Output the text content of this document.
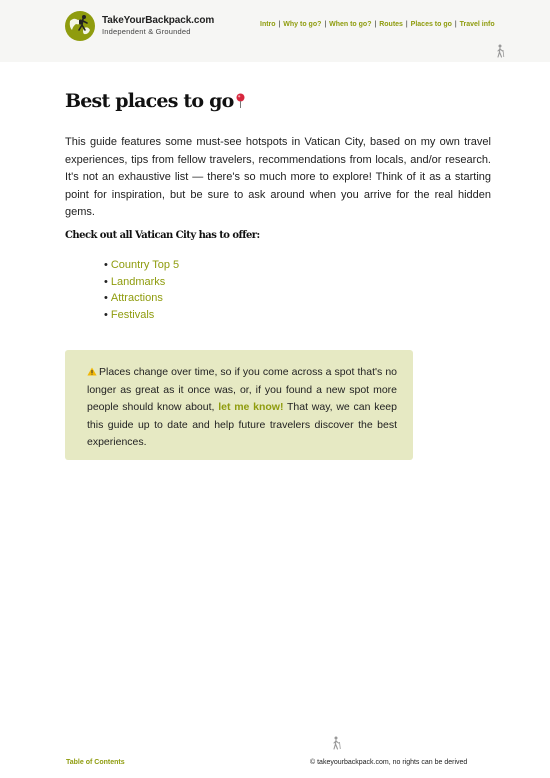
TakeYourBackpack.com
Independent & Grounded
Intro | Why to go? | When to go? | Routes | Places to go | Travel info
Best places to go

This guide features some must-see hotspots in Vatican City, based on my own travel experiences, tips from fellow travelers, recommendations from locals, and/or research. It's not an exhaustive list — there's so much more to explore! Think of it as a starting point for inspiration, but be sure to ask around when you arrive for the real hidden gems.

Check out all Vatican City has to offer:

• Country Top 5
• Landmarks
• Attractions
• Festivals

Places change over time, so if you come across a spot that's no longer as great as it once was, or, if you found a new spot more people should know about, let me know! That way, we can keep this guide up to date and help future travelers discover the best experiences.

Table of Contents	© takeyourbackpack.com, no rights can be derived
